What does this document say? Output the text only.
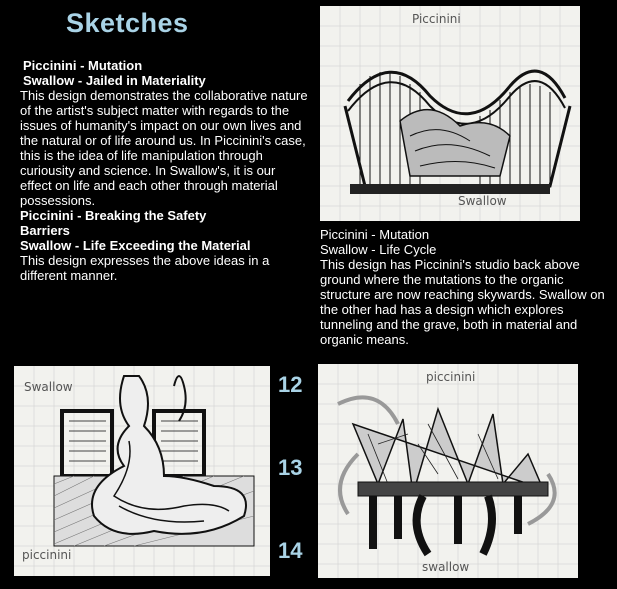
Sketches
Piccinini - Mutation
Swallow - Jailed in Materiality
This design demonstrates the collaborative nature of the artist's subject matter with regards to the issues of humanity's impact on our own lives and the natural or of life around us. In Piccinini's case, this is the idea of life manipulation through curiousity and science. In Swallow's, it is our effect on life and each other through material possessions.
Piccinini - Breaking the Safety Barriers
Swallow - Life Exceeding the Material
This design expresses the above ideas in a different manner.
Piccinini
Swallow
Piccinini - Mutation
Swallow - Life Cycle
This design has Piccinini's studio back above ground where the mutations to the organic structure are now reaching skywards. Swallow on the other had has a design which explores tunneling and the grave, both in material and organic means.
Swallow
piccinini
12
13
14
piccinini
swallow
